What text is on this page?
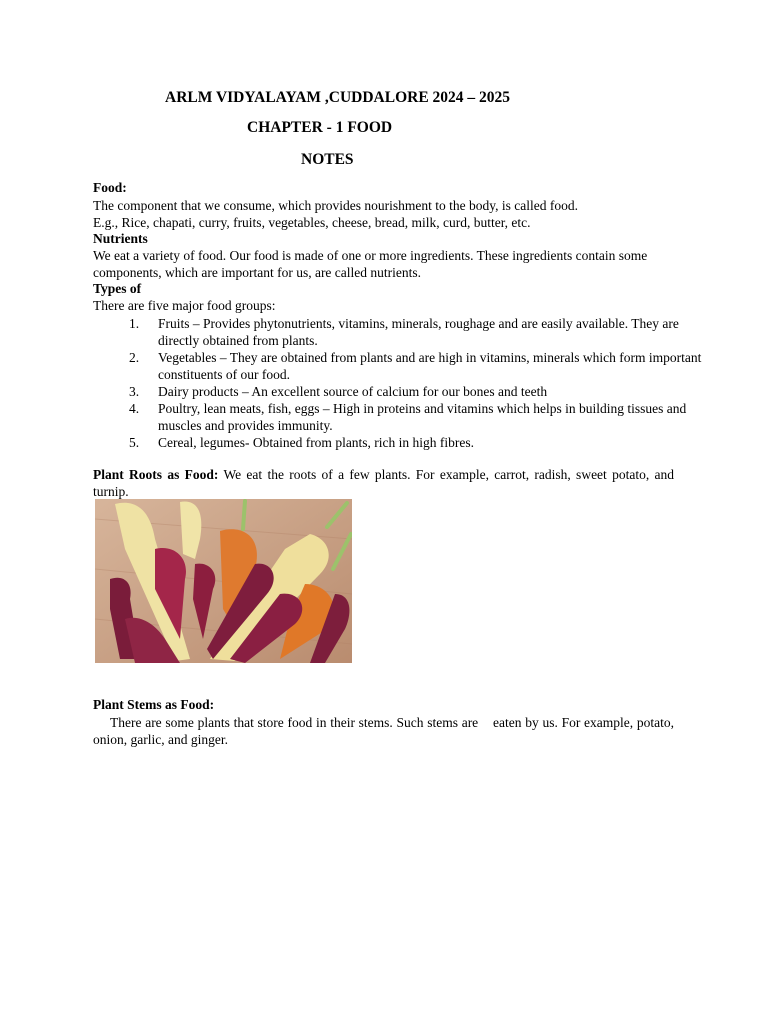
ARLM VIDYALAYAM ,CUDDALORE 2024 – 2025
CHAPTER - 1 FOOD
NOTES
Food:
The component that we consume, which provides nourishment to the body, is called food.
E.g., Rice, chapati, curry, fruits, vegetables, cheese, bread, milk, curd, butter, etc.
Nutrients
We eat a variety of food. Our food is made of one or more ingredients. These ingredients contain some components, which are important for us, are called nutrients.
Types of
There are five major food groups:
1. Fruits – Provides phytonutrients, vitamins, minerals, roughage and are easily available. They are directly obtained from plants.
2. Vegetables – They are obtained from plants and are high in vitamins, minerals which form important constituents of our food.
3. Dairy products – An excellent source of calcium for our bones and teeth
4. Poultry, lean meats, fish, eggs – High in proteins and vitamins which helps in building tissues and muscles and provides immunity.
5. Cereal, legumes- Obtained from plants, rich in high fibres.
Plant Roots as Food: We eat the roots of a few plants. For example, carrot, radish, sweet potato, and turnip.
Plant Stems as Food:
There are some plants that store food in their stems. Such stems are    eaten by us. For example, potato, onion, garlic, and ginger.
